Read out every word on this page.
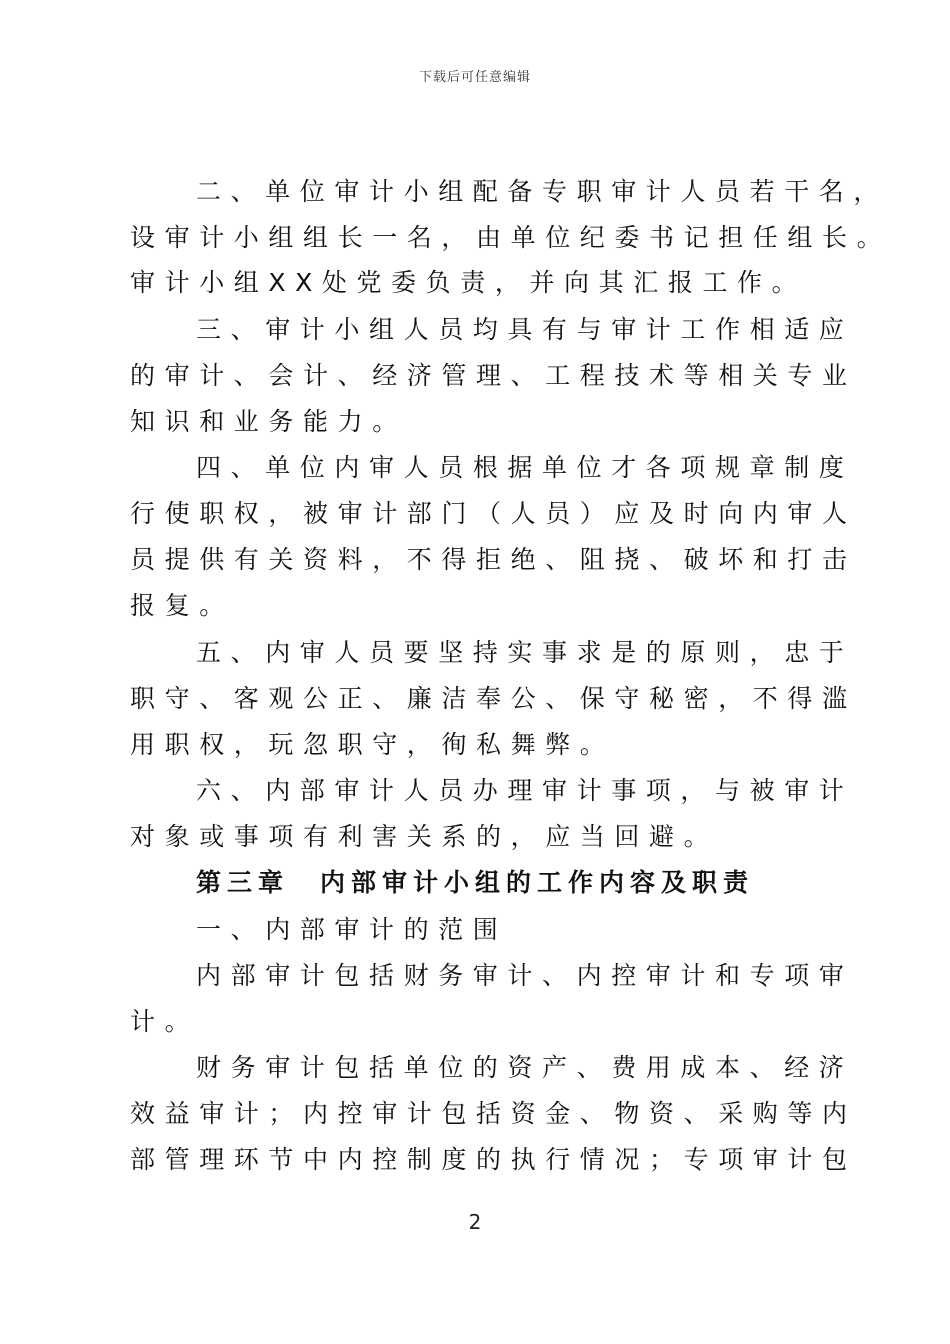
下载后可任意编辑
二、单位审计小组配备专职审计人员若干名，
设审计小组组长一名，由单位纪委书记担任组长。
审计小组XX处党委负责，并向其汇报工作。
三、审计小组人员均具有与审计工作相适应
的审计、会计、经济管理、工程技术等相关专业
知识和业务能力。
四、单位内审人员根据单位才各项规章制度
行使职权，被审计部门（人员）应及时向内审人
员提供有关资料，不得拒绝、阻挠、破坏和打击
报复。
五、内审人员要坚持实事求是的原则，忠于
职守、客观公正、廉洁奉公、保守秘密，不得滥
用职权，玩忽职守，徇私舞弊。
六、内部审计人员办理审计事项，与被审计
对象或事项有利害关系的，应当回避。
第三章　内部审计小组的工作内容及职责
一、内部审计的范围
内部审计包括财务审计、内控审计和专项审
计。
财务审计包括单位的资产、费用成本、经济
效益审计；内控审计包括资金、物资、采购等内
部管理环节中内控制度的执行情况；专项审计包
2
